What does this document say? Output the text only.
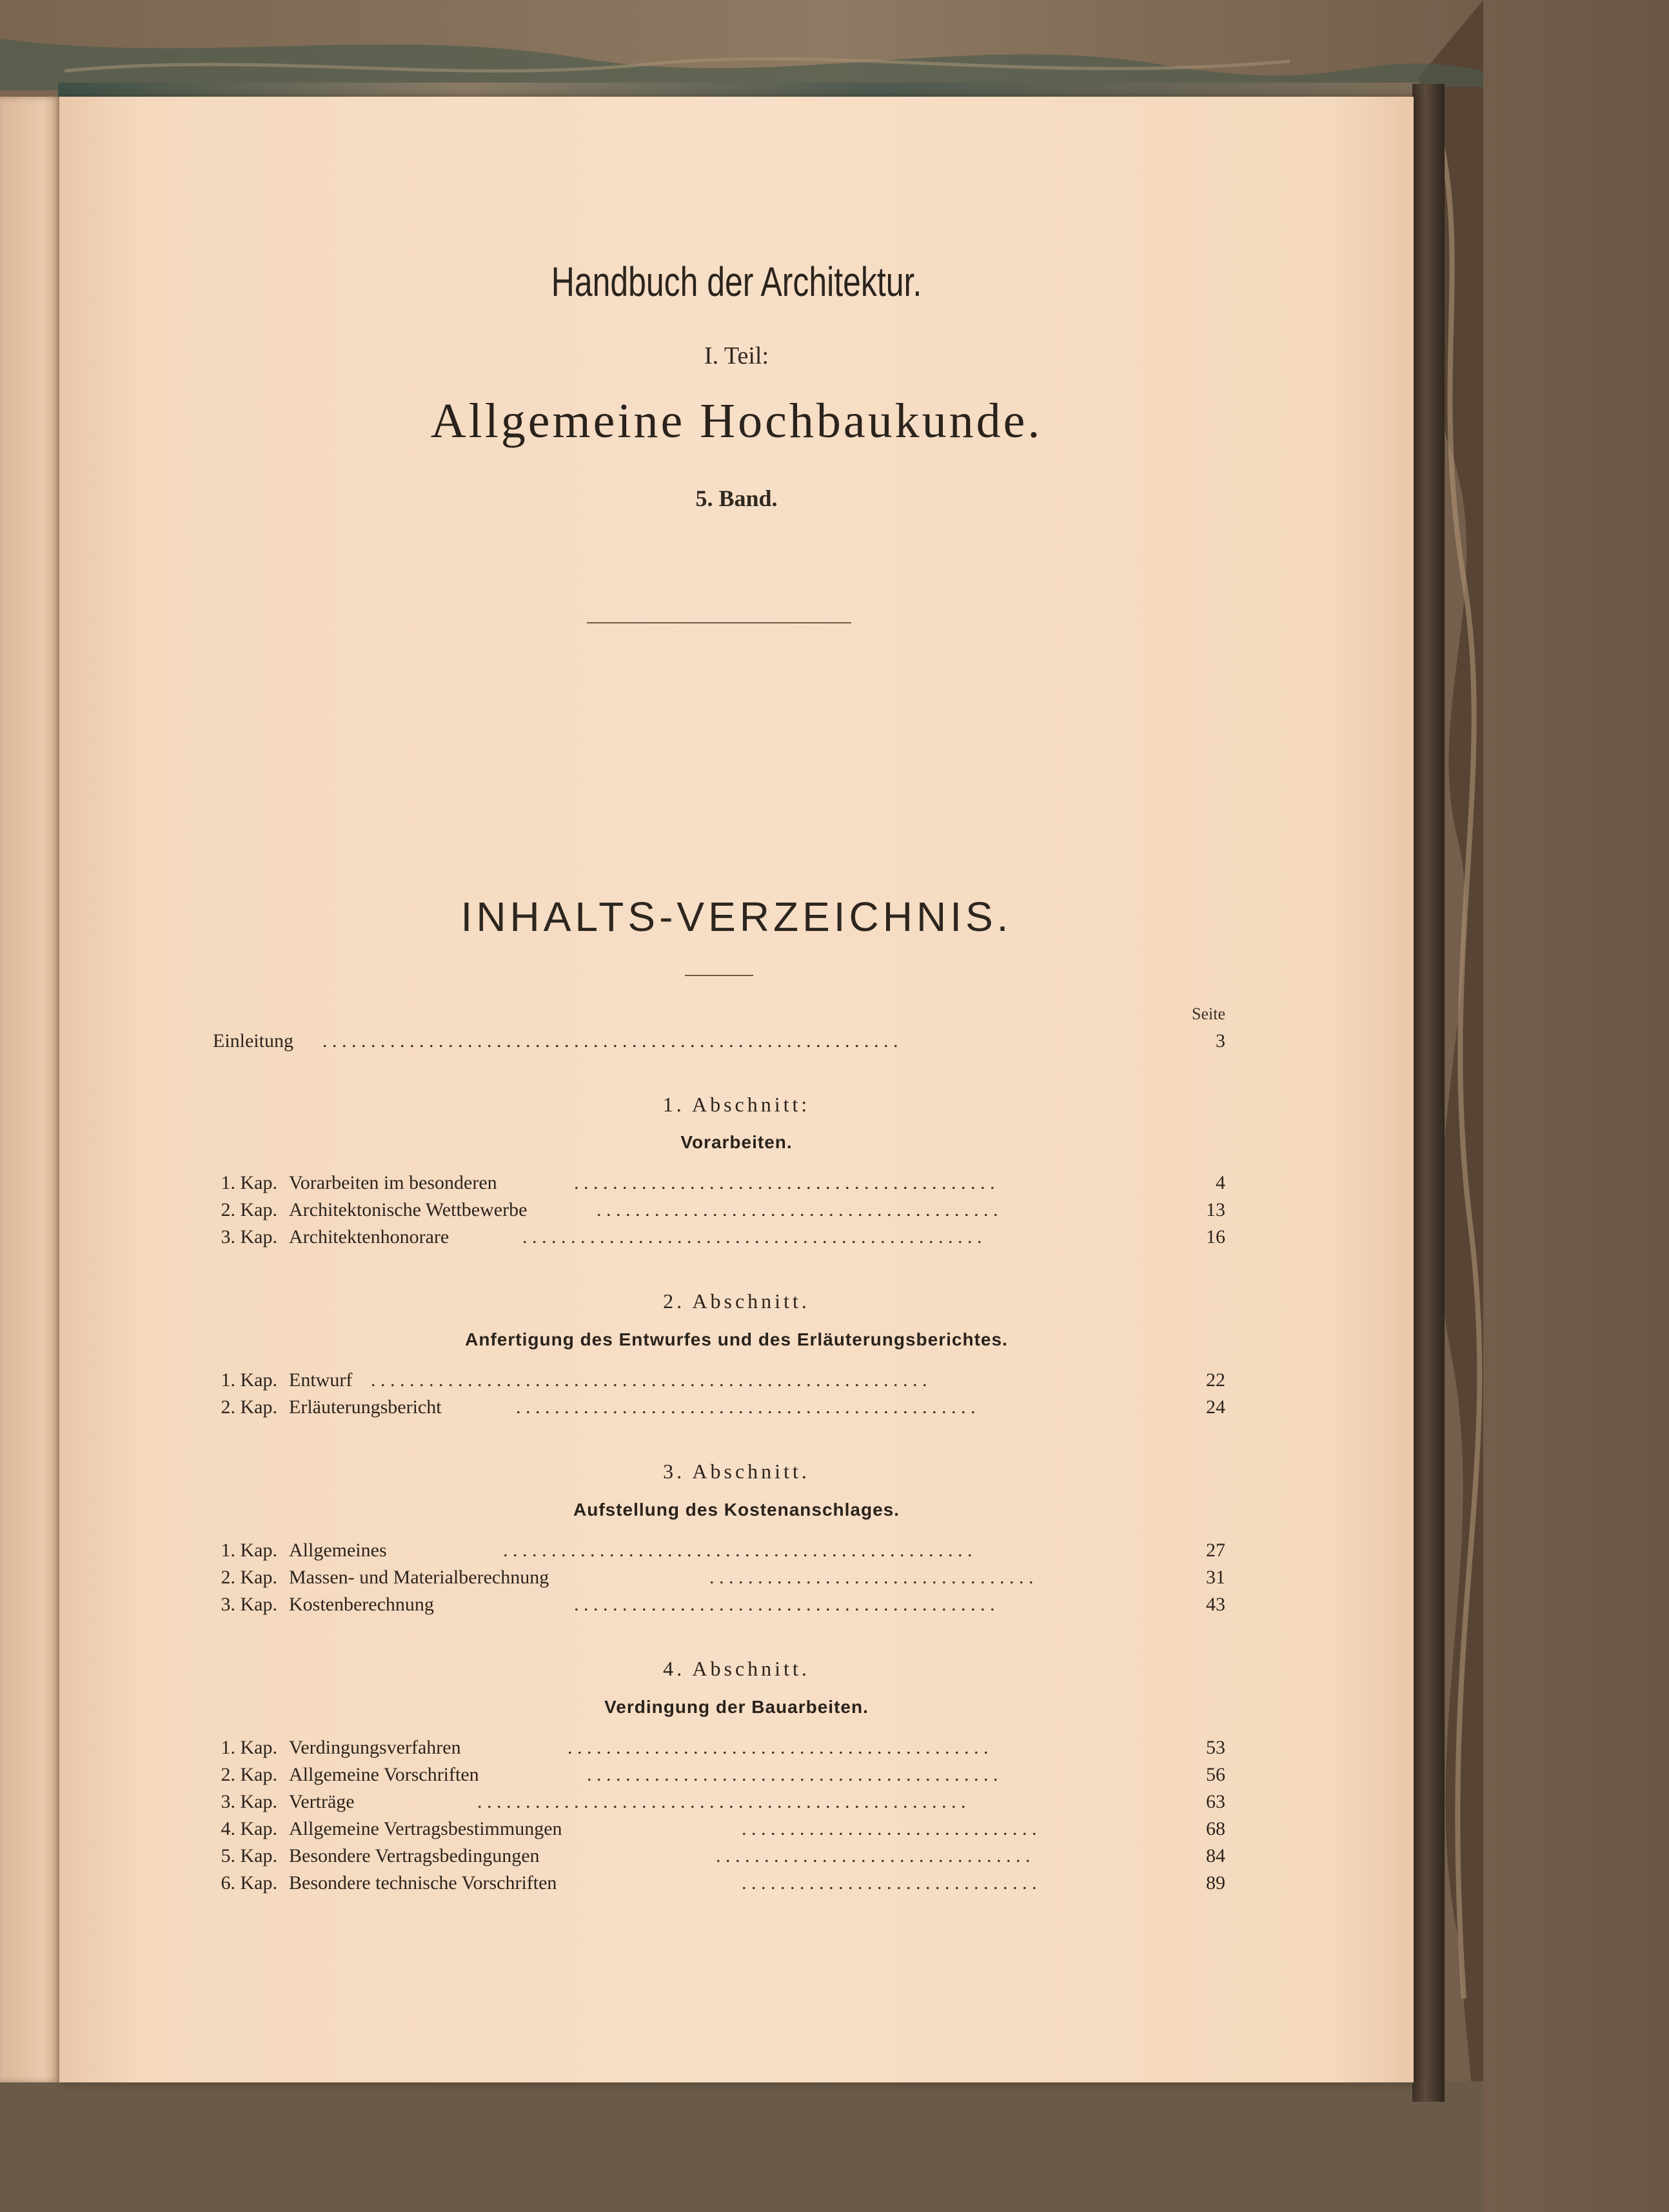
Handbuch der Architektur.
I. Teil:
Allgemeine Hochbaukunde.
5. Band.
INHALTS-VERZEICHNIS.
Seite
Einleitung . . . . . . . . . . . . . . . . . . . . . . . . . . . . . . . . . . . . . . . . . . . . . . . . . . . . . . . . . . . .	3
1. Abschnitt:
Vorarbeiten.
1. Kap. Vorarbeiten im besonderen	. . . . . . . . . . . . . . . . . . . . . . . . . . . . . . . . . . . . . . . . . . . .	4
2. Kap. Architektonische Wettbewerbe	. . . . . . . . . . . . . . . . . . . . . . . . . . . . . . . . . . . . . . . . . .	13
3. Kap. Architektenhonorare	. . . . . . . . . . . . . . . . . . . . . . . . . . . . . . . . . . . . . . . . . . . . . . . .	16
2. Abschnitt.
Anfertigung des Entwurfes und des Erläuterungsberichtes.
1. Kap. Entwurf . . . . . . . . . . . . . . . . . . . . . . . . . . . . . . . . . . . . . . . . . . . . . . . . . . . . . . . . . .	22
2. Kap. Erläuterungsbericht	. . . . . . . . . . . . . . . . . . . . . . . . . . . . . . . . . . . . . . . . . . . . . . . .	24
3. Abschnitt.
Aufstellung des Kostenanschlages.
1. Kap. Allgemeines	. . . . . . . . . . . . . . . . . . . . . . . . . . . . . . . . . . . . . . . . . . . . . . . . .	27
2. Kap. Massen- und Materialberechnung	. . . . . . . . . . . . . . . . . . . . . . . . . . . . . . . . . .	31
3. Kap. Kostenberechnung	. . . . . . . . . . . . . . . . . . . . . . . . . . . . . . . . . . . . . . . . . . . .	43
4. Abschnitt.
Verdingung der Bauarbeiten.
1. Kap. Verdingungsverfahren	. . . . . . . . . . . . . . . . . . . . . . . . . . . . . . . . . . . . . . . . . . . .	53
2. Kap. Allgemeine Vorschriften	. . . . . . . . . . . . . . . . . . . . . . . . . . . . . . . . . . . . . . . . . . .	56
3. Kap. Verträge	. . . . . . . . . . . . . . . . . . . . . . . . . . . . . . . . . . . . . . . . . . . . . . . . . . .	63
4. Kap. Allgemeine Vertragsbestimmungen	. . . . . . . . . . . . . . . . . . . . . . . . . . . . . . .	68
5. Kap. Besondere Vertragsbedingungen	. . . . . . . . . . . . . . . . . . . . . . . . . . . . . . . . .	84
6. Kap. Besondere technische Vorschriften	. . . . . . . . . . . . . . . . . . . . . . . . . . . . . . .	89
